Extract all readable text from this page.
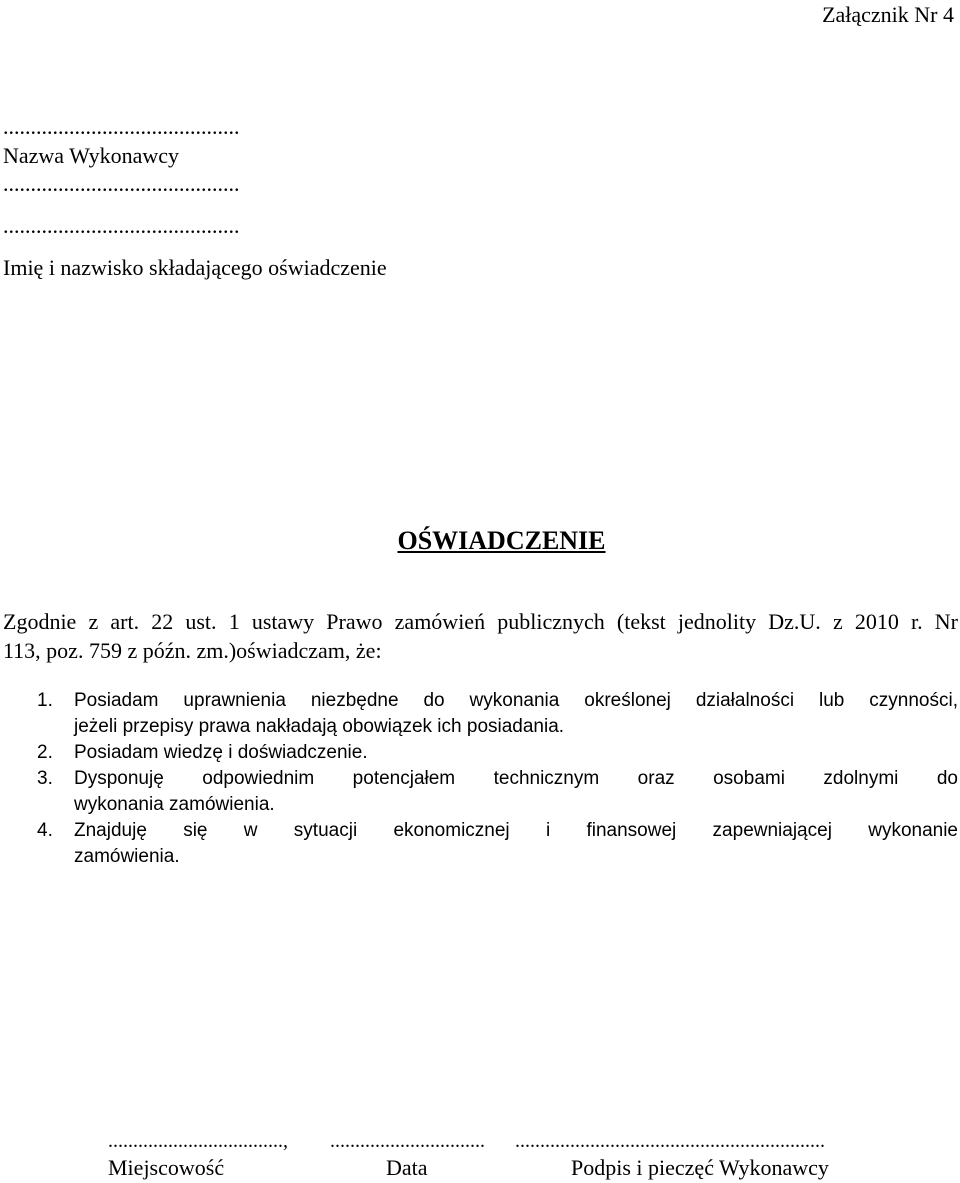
Załącznik Nr 4
...........................................
Nazwa Wykonawcy
...........................................
...........................................
Imię i nazwisko składającego oświadczenie
OŚWIADCZENIE
Zgodnie z art. 22 ust. 1 ustawy Prawo zamówień publicznych (tekst jednolity Dz.U. z 2010 r. Nr
113, poz. 759 z późn. zm.)oświadczam, że:
1. Posiadam uprawnienia niezbędne do wykonania określonej działalności lub czynności,
jeżeli przepisy prawa nakładają obowiązek ich posiadania.
2. Posiadam wiedzę i doświadczenie.
3. Dysponuję odpowiednim potencjałem technicznym oraz osobami zdolnymi do
wykonania zamówienia.
4. Znajduję się w sytuacji ekonomicznej i finansowej zapewniającej wykonanie
zamówienia.
..................................., ............................... ..............................................................
Miejscowość	Data	Podpis i pieczęć Wykonawcy
